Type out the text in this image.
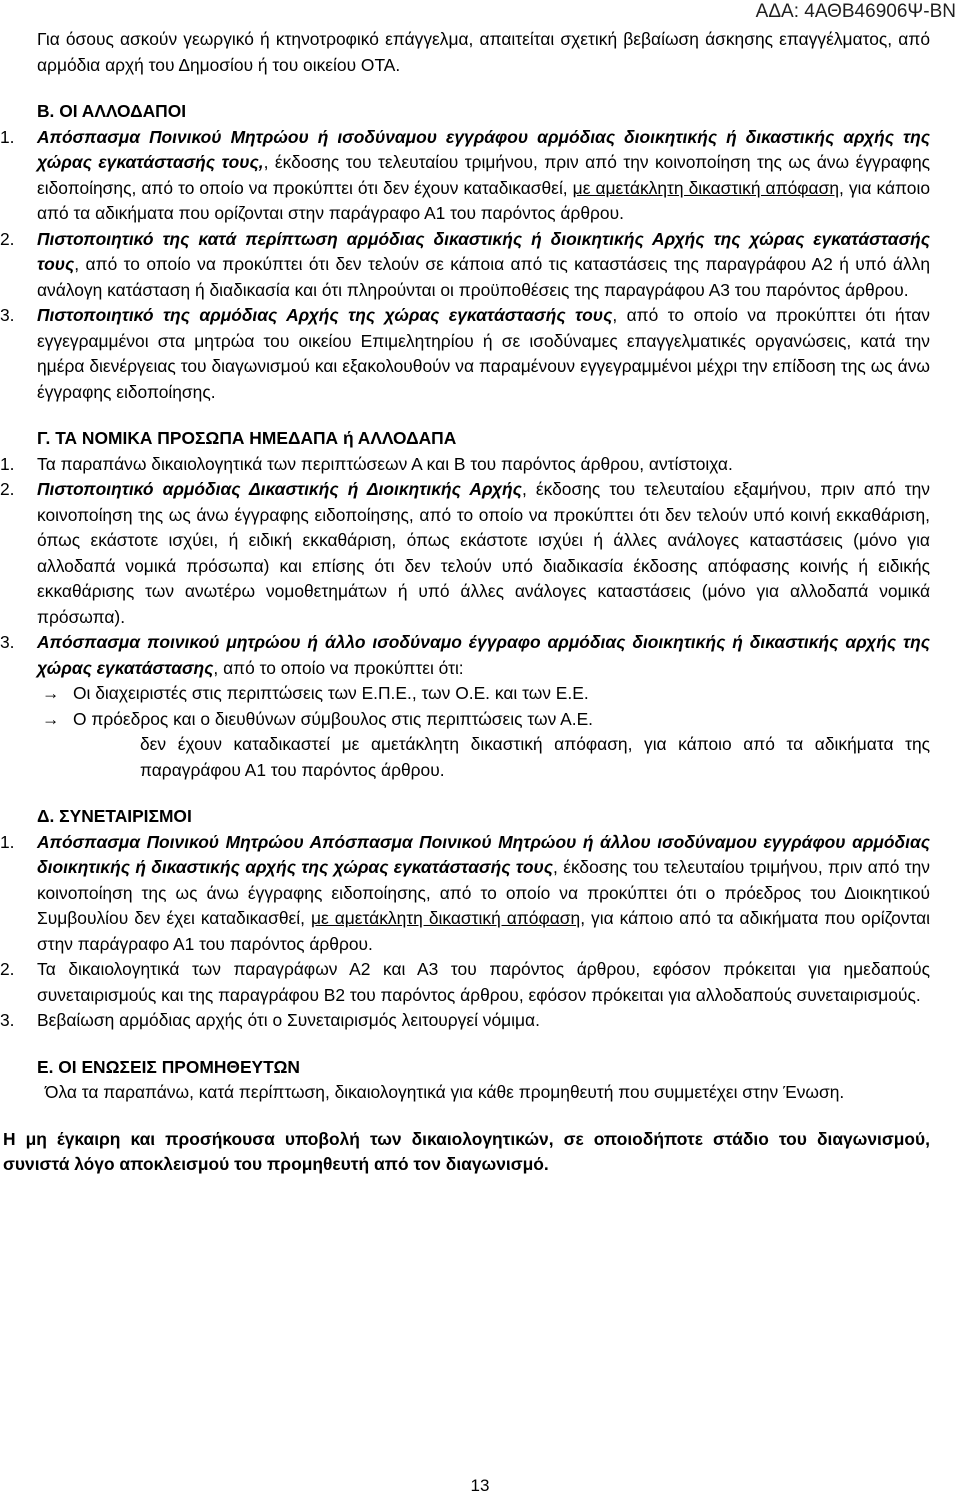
ΑΔΑ: 4ΑΘΒ46906Ψ-ΒΝ

Για όσους ασκούν γεωργικό ή κτηνοτροφικό επάγγελμα, απαιτείται σχετική βεβαίωση άσκησης επαγγέλματος, από αρμόδια αρχή του Δημοσίου ή του οικείου ΟΤΑ.

Β. ΟΙ ΑΛΛΟΔΑΠΟΙ

1.	Απόσπασμα Ποινικού Μητρώου ή ισοδύναμου εγγράφου αρμόδιας διοικητικής ή δικαστικής αρχής της χώρας εγκατάστασής τους,, έκδοσης του τελευταίου τριμήνου, πριν από την κοινοποίηση της ως άνω έγγραφης ειδοποίησης, από το οποίο να προκύπτει ότι δεν έχουν καταδικασθεί, με αμετάκλητη δικαστική απόφαση, για κάποιο από τα αδικήματα που ορίζονται στην παράγραφο Α1 του παρόντος άρθρου.
2.	Πιστοποιητικό της κατά περίπτωση αρμόδιας δικαστικής ή διοικητικής Αρχής της χώρας εγκατάστασής τους, από το οποίο να προκύπτει ότι δεν τελούν σε κάποια από τις καταστάσεις της παραγράφου Α2 ή υπό άλλη ανάλογη κατάσταση ή διαδικασία και ότι πληρούνται οι προϋποθέσεις της παραγράφου Α3 του παρόντος άρθρου.
3.	Πιστοποιητικό της αρμόδιας Αρχής της χώρας εγκατάστασής τους, από το οποίο να προκύπτει ότι ήταν εγγεγραμμένοι στα μητρώα του οικείου Επιμελητηρίου ή σε ισοδύναμες επαγγελματικές οργανώσεις, κατά την ημέρα διενέργειας του διαγωνισμού και εξακολουθούν να παραμένουν εγγεγραμμένοι μέχρι την επίδοση της ως άνω έγγραφης ειδοποίησης.

Γ. ΤΑ ΝΟΜΙΚΑ ΠΡΟΣΩΠΑ ΗΜΕΔΑΠΑ ή ΑΛΛΟΔΑΠΑ

1.	Τα παραπάνω δικαιολογητικά των περιπτώσεων Α και Β του παρόντος άρθρου, αντίστοιχα.
2.	Πιστοποιητικό αρμόδιας Δικαστικής ή Διοικητικής Αρχής, έκδοσης του τελευταίου εξαμήνου, πριν από την κοινοποίηση της ως άνω έγγραφης ειδοποίησης, από το οποίο να προκύπτει ότι δεν τελούν υπό κοινή εκκαθάριση, όπως εκάστοτε ισχύει, ή ειδική εκκαθάριση, όπως εκάστοτε ισχύει ή άλλες ανάλογες καταστάσεις (μόνο για αλλοδαπά νομικά πρόσωπα) και επίσης ότι δεν τελούν υπό διαδικασία έκδοσης απόφασης κοινής ή ειδικής εκκαθάρισης των ανωτέρω νομοθετημάτων ή υπό άλλες ανάλογες καταστάσεις (μόνο για αλλοδαπά νομικά πρόσωπα).
3.	Απόσπασμα ποινικού μητρώου ή άλλο ισοδύναμο έγγραφο αρμόδιας διοικητικής ή δικαστικής αρχής της χώρας εγκατάστασης, από το οποίο να προκύπτει ότι:
→ Οι διαχειριστές στις περιπτώσεις των Ε.Π.Ε., των Ο.Ε. και των Ε.Ε.
→ Ο πρόεδρος και ο διευθύνων σύμβουλος στις περιπτώσεις των Α.Ε.

δεν έχουν καταδικαστεί με αμετάκλητη δικαστική απόφαση, για κάποιο από τα αδικήματα της παραγράφου Α1 του παρόντος άρθρου.

Δ. ΣΥΝΕΤΑΙΡΙΣΜΟΙ

1.	Απόσπασμα Ποινικού Μητρώου Απόσπασμα Ποινικού Μητρώου ή άλλου ισοδύναμου εγγράφου αρμόδιας διοικητικής ή δικαστικής αρχής της χώρας εγκατάστασής τους, έκδοσης του τελευταίου τριμήνου, πριν από την κοινοποίηση της ως άνω έγγραφης ειδοποίησης, από το οποίο να προκύπτει ότι ο πρόεδρος του Διοικητικού Συμβουλίου δεν έχει καταδικασθεί, με αμετάκλητη δικαστική απόφαση, για κάποιο από τα αδικήματα που ορίζονται στην παράγραφο Α1 του παρόντος άρθρου.
2.	Τα δικαιολογητικά των παραγράφων Α2 και Α3 του παρόντος άρθρου, εφόσον πρόκειται για ημεδαπούς συνεταιρισμούς και της παραγράφου Β2 του παρόντος άρθρου, εφόσον πρόκειται για αλλοδαπούς συνεταιρισμούς.
3.	Βεβαίωση αρμόδιας αρχής ότι ο Συνεταιρισμός λειτουργεί νόμιμα.

Ε. ΟΙ ΕΝΩΣΕΙΣ ΠΡΟΜΗΘΕΥΤΩΝ

Όλα τα παραπάνω, κατά περίπτωση, δικαιολογητικά για κάθε προμηθευτή που συμμετέχει στην Ένωση.

Η μη έγκαιρη και προσήκουσα υποβολή των δικαιολογητικών, σε οποιοδήποτε στάδιο του διαγωνισμού, συνιστά λόγο αποκλεισμού του προμηθευτή από τον διαγωνισμό.

13
